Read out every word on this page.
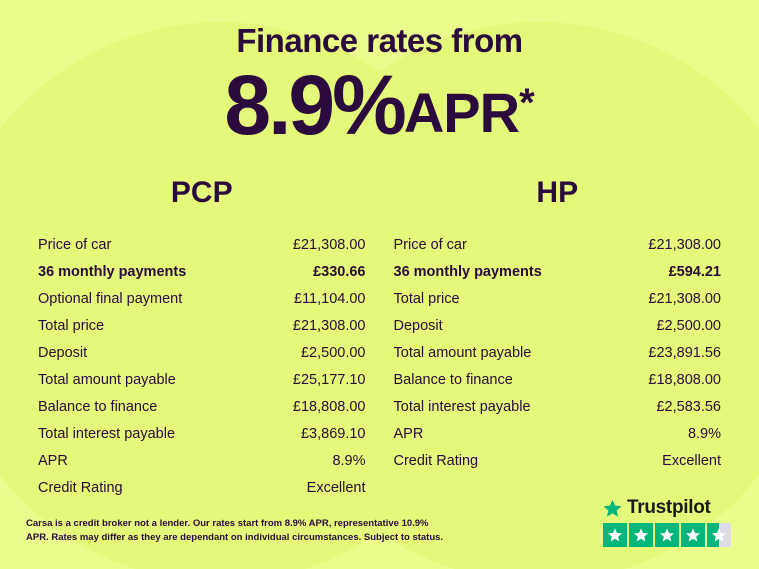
Finance rates from
8.9%APR*
PCP
Price of car	£21,308.00
36 monthly payments	£330.66
Optional final payment	£11,104.00
Total price	£21,308.00
Deposit	£2,500.00
Total amount payable	£25,177.10
Balance to finance	£18,808.00
Total interest payable	£3,869.10
APR	8.9%
Credit Rating	Excellent
HP
Price of car	£21,308.00
36 monthly payments	£594.21
Total price	£21,308.00
Deposit	£2,500.00
Total amount payable	£23,891.56
Balance to finance	£18,808.00
Total interest payable	£2,583.56
APR	8.9%
Credit Rating	Excellent
Carsa is a credit broker not a lender. Our rates start from 8.9% APR, representative 10.9% APR. Rates may differ as they are dependant on individual circumstances. Subject to status.
Trustpilot
